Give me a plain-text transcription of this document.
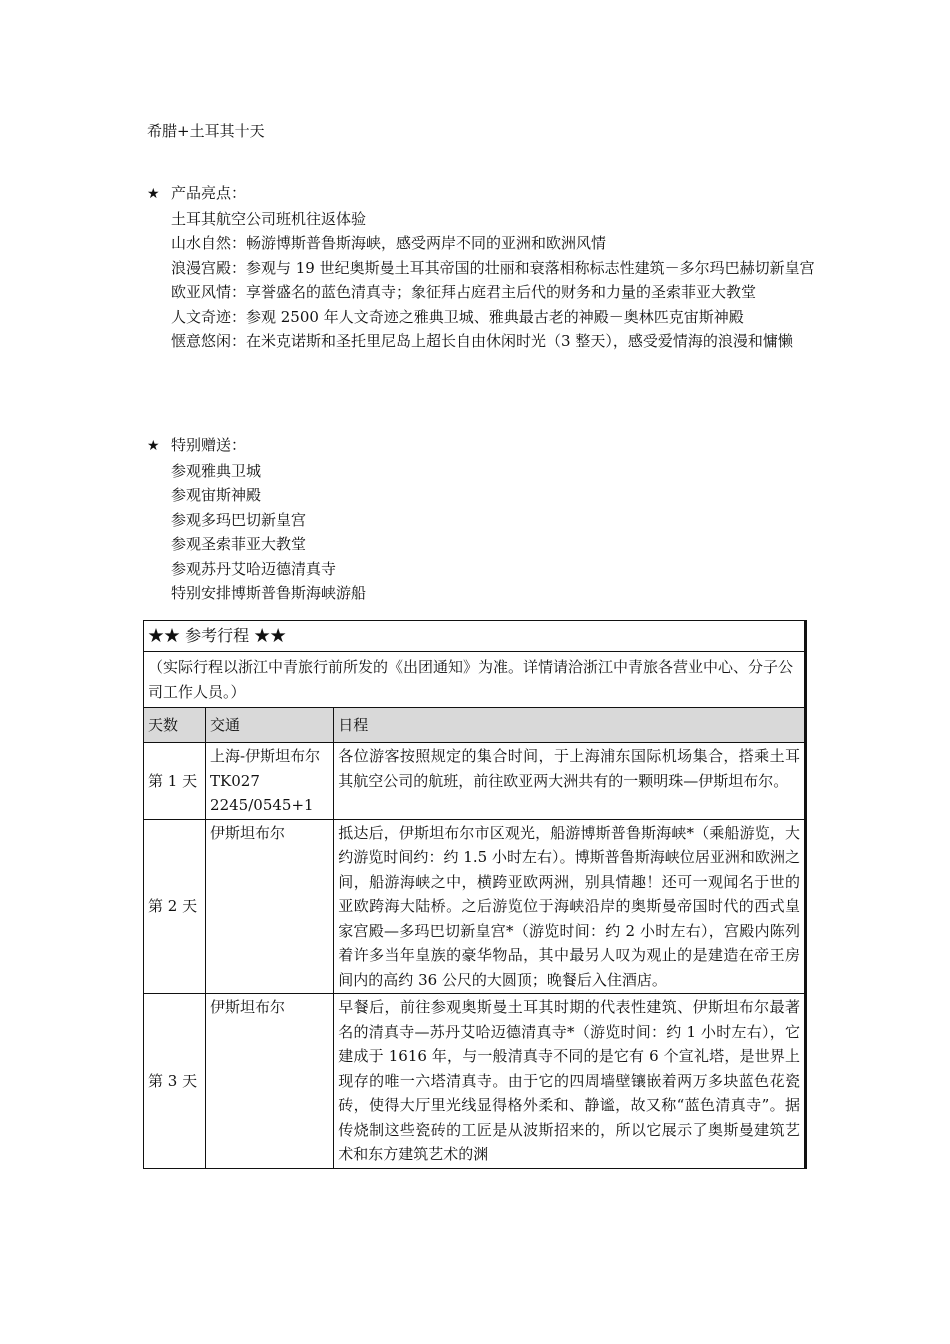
希腊+土耳其十天
★ 产品亮点：
土耳其航空公司班机往返体验
山水自然：畅游博斯普鲁斯海峡，感受两岸不同的亚洲和欧洲风情
浪漫宫殿：参观与 19 世纪奥斯曼土耳其帝国的壮丽和衰落相称标志性建筑－多尔玛巴赫切新皇宫
欧亚风情：享誉盛名的蓝色清真寺；象征拜占庭君主后代的财务和力量的圣索菲亚大教堂
人文奇迹：参观 2500 年人文奇迹之雅典卫城、雅典最古老的神殿－奥林匹克宙斯神殿
惬意悠闲：在米克诺斯和圣托里尼岛上超长自由休闲时光（3 整天），感受爱情海的浪漫和慵懒
★ 特别赠送：
参观雅典卫城
参观宙斯神殿
参观多玛巴切新皇宫
参观圣索菲亚大教堂
参观苏丹艾哈迈德清真寺
特别安排博斯普鲁斯海峡游船
★★ 参考行程 ★★		
（实际行程以浙江中青旅行前所发的《出团通知》为准。详情请洽浙江中青旅各营业中心、分子公司工作人员。）		
天数	交通	日程
第 1 天	上海-伊斯坦布尔
TK027
2245/0545+1	各位游客按照规定的集合时间，于上海浦东国际机场集合，搭乘土耳其航空公司的航班，前往欧亚两大洲共有的一颗明珠—伊斯坦布尔。
第 2 天	伊斯坦布尔	抵达后，伊斯坦布尔市区观光，船游博斯普鲁斯海峡*（乘船游览，大约游览时间约：约 1.5 小时左右）。博斯普鲁斯海峡位居亚洲和欧洲之间，船游海峡之中，横跨亚欧两洲，别具情趣！还可一观闻名于世的亚欧跨海大陆桥。之后游览位于海峡沿岸的奥斯曼帝国时代的西式皇家宫殿—多玛巴切新皇宫*（游览时间：约 2 小时左右），宫殿内陈列着许多当年皇族的豪华物品，其中最另人叹为观止的是建造在帝王房间内的高约 36 公尺的大圆顶；晚餐后入住酒店。
第 3 天	伊斯坦布尔	早餐后，前往参观奥斯曼土耳其时期的代表性建筑、伊斯坦布尔最著名的清真寺—苏丹艾哈迈德清真寺*（游览时间：约 1 小时左右），它建成于 1616 年，与一般清真寺不同的是它有 6 个宣礼塔，是世界上现存的唯一六塔清真寺。由于它的四周墙壁镶嵌着两万多块蓝色花瓷砖，使得大厅里光线显得格外柔和、静谧，故又称“蓝色清真寺”。据传烧制这些瓷砖的工匠是从波斯招来的，所以它展示了奥斯曼建筑艺术和东方建筑艺术的渊
